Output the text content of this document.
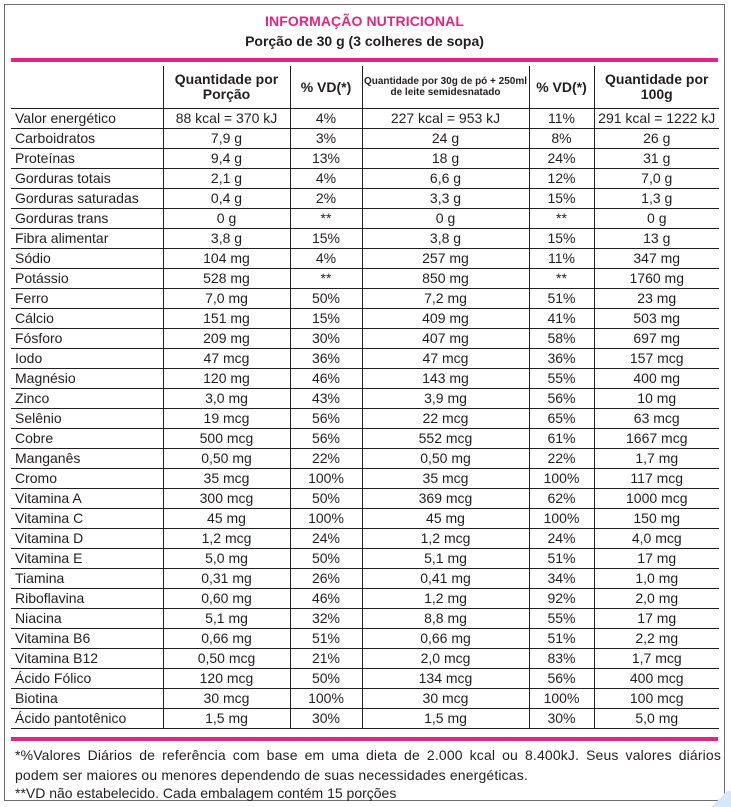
INFORMAÇÃO NUTRICIONAL
Porção de 30 g (3 colheres de sopa)
	Quantidade por Porção	% VD(*)	Quantidade por 30g de pó + 250ml de leite semidesnatado	% VD(*)	Quantidade por 100g
Valor energético	88 kcal = 370 kJ	4%	227 kcal = 953 kJ	11%	291 kcal = 1222 kJ
Carboidratos	7,9 g	3%	24 g	8%	26 g
Proteínas	9,4 g	13%	18 g	24%	31 g
Gorduras totais	2,1 g	4%	6,6 g	12%	7,0 g
Gorduras saturadas	0,4 g	2%	3,3 g	15%	1,3 g
Gorduras trans	0 g	**	0 g	**	0 g
Fibra alimentar	3,8 g	15%	3,8 g	15%	13 g
Sódio	104 mg	4%	257 mg	11%	347 mg
Potássio	528 mg	**	850 mg	**	1760 mg
Ferro	7,0 mg	50%	7,2 mg	51%	23 mg
Cálcio	151 mg	15%	409 mg	41%	503 mg
Fósforo	209 mg	30%	407 mg	58%	697 mg
Iodo	47 mcg	36%	47 mcg	36%	157 mcg
Magnésio	120 mg	46%	143 mg	55%	400 mg
Zinco	3,0 mg	43%	3,9 mg	56%	10 mg
Selênio	19 mcg	56%	22 mcg	65%	63 mcg
Cobre	500 mcg	56%	552 mcg	61%	1667 mcg
Manganês	0,50 mg	22%	0,50 mg	22%	1,7 mg
Cromo	35 mcg	100%	35 mcg	100%	117 mcg
Vitamina A	300 mcg	50%	369 mcg	62%	1000 mcg
Vitamina C	45 mg	100%	45 mg	100%	150 mg
Vitamina D	1,2 mcg	24%	1,2 mcg	24%	4,0 mcg
Vitamina E	5,0 mg	50%	5,1 mg	51%	17 mg
Tiamina	0,31 mg	26%	0,41 mg	34%	1,0 mg
Riboflavina	0,60 mg	46%	1,2 mg	92%	2,0 mg
Niacina	5,1 mg	32%	8,8 mg	55%	17 mg
Vitamina B6	0,66 mg	51%	0,66 mg	51%	2,2 mg
Vitamina B12	0,50 mcg	21%	2,0 mcg	83%	1,7 mcg
Ácido Fólico	120 mcg	50%	134 mcg	56%	400 mcg
Biotina	30 mcg	100%	30 mcg	100%	100 mcg
Ácido pantotênico	1,5 mg	30%	1,5 mg	30%	5,0 mg
*%Valores Diários de referência com base em uma dieta de 2.000 kcal ou 8.400kJ. Seus valores diários podem ser maiores ou menores dependendo de suas necessidades energéticas.
**VD não estabelecido. Cada embalagem contém 15 porções
